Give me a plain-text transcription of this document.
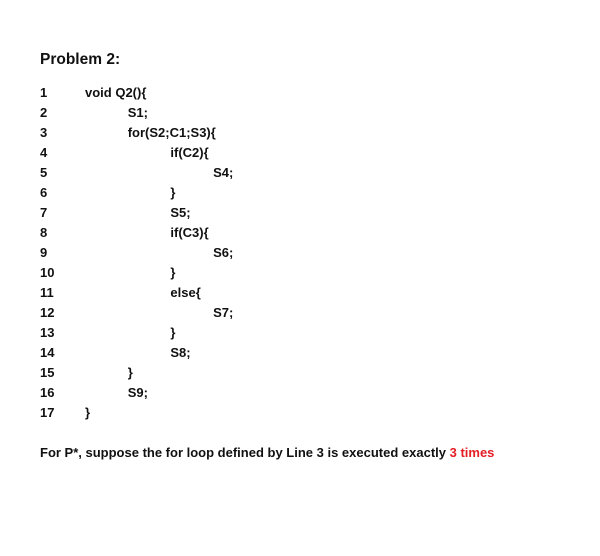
Problem 2:
1	void Q2(){
2	S1;
3	for(S2;C1;S3){
4	if(C2){
5	S4;
6	}
7	S5;
8	if(C3){
9	S6;
10	}
11	else{
12	S7;
13	}
14	S8;
15	}
16	S9;
17 }

For P*, suppose the for loop defined by Line 3 is executed exactly 3 times
